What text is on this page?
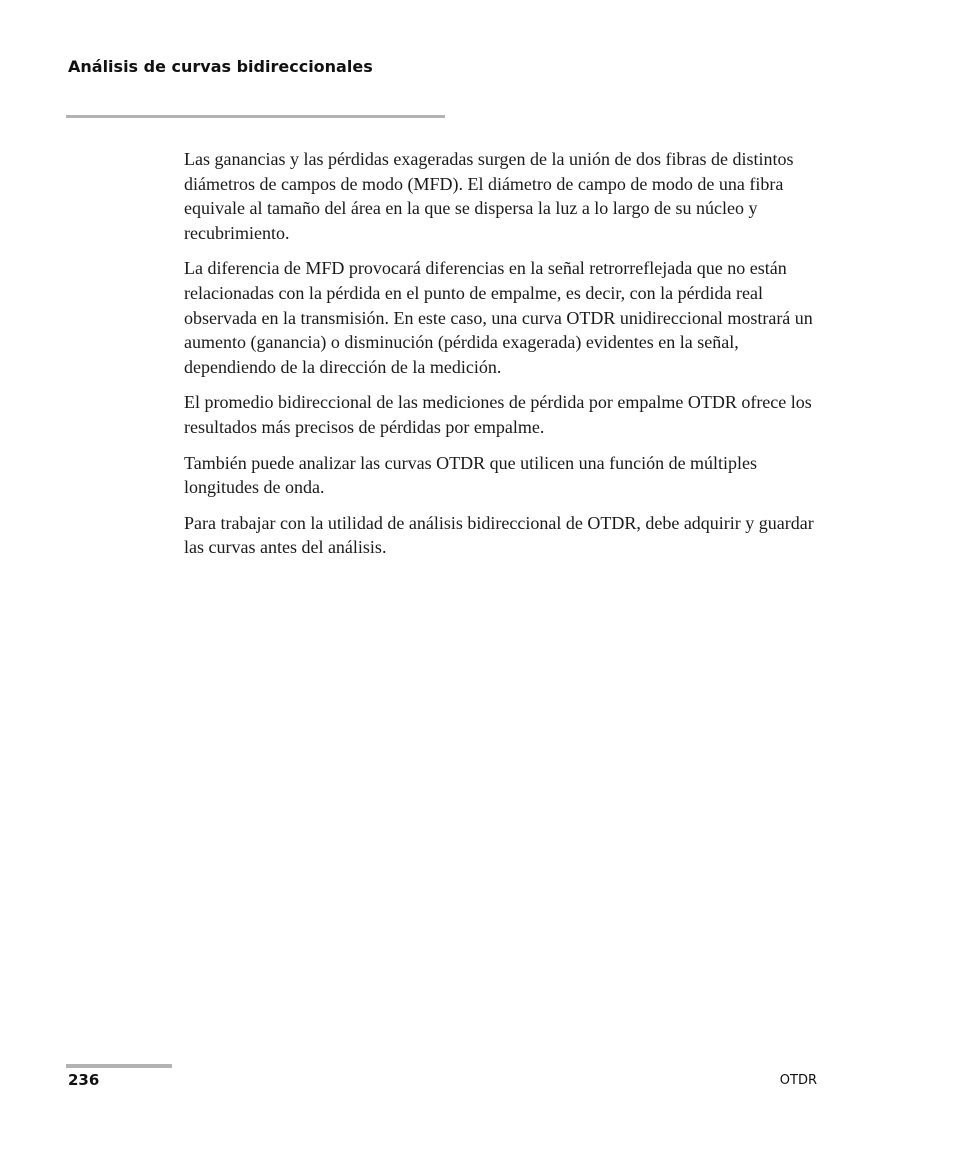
Análisis de curvas bidireccionales

Las ganancias y las pérdidas exageradas surgen de la unión de dos fibras de distintos diámetros de campos de modo (MFD). El diámetro de campo de modo de una fibra equivale al tamaño del área en la que se dispersa la luz a lo largo de su núcleo y recubrimiento.

La diferencia de MFD provocará diferencias en la señal retrorreflejada que no están relacionadas con la pérdida en el punto de empalme, es decir, con la pérdida real observada en la transmisión. En este caso, una curva OTDR unidireccional mostrará un aumento (ganancia) o disminución (pérdida exagerada) evidentes en la señal, dependiendo de la dirección de la medición.

El promedio bidireccional de las mediciones de pérdida por empalme OTDR ofrece los resultados más precisos de pérdidas por empalme.

También puede analizar las curvas OTDR que utilicen una función de múltiples longitudes de onda.

Para trabajar con la utilidad de análisis bidireccional de OTDR, debe adquirir y guardar las curvas antes del análisis.

236	OTDR
